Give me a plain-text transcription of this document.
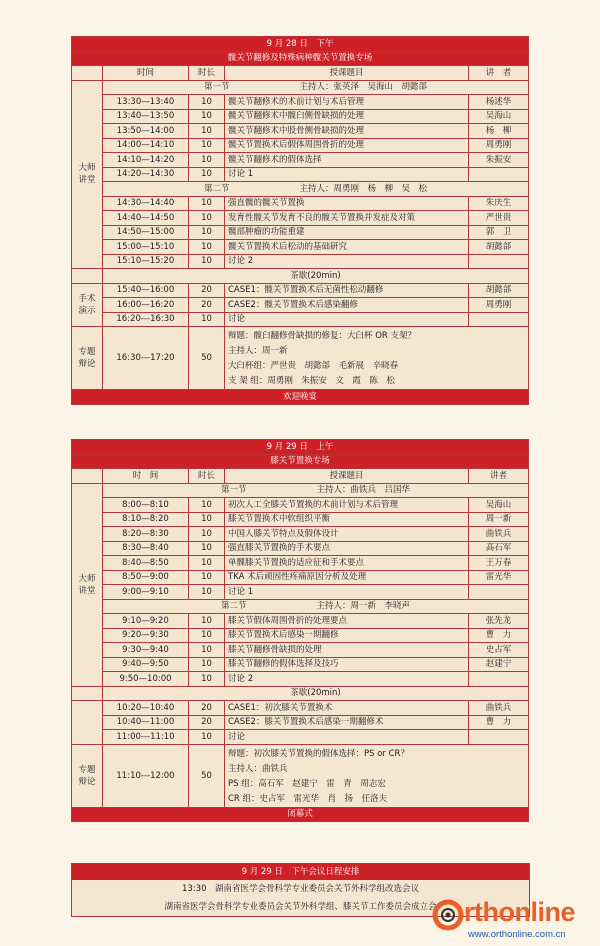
9 月 28 日　下午				
髋关节翻修及特殊病种髋关节置换专场				
	时间	时长	授课题目	讲　者
大师
讲堂	第一节 主持人：张英泽　吴海山　胡懿郃			
	13:30—13:40	10	髋关节翻修术的术前计划与术后管理	杨述华
	13:40—13:50	10	髋关节翻修术中髋臼侧骨缺损的处理	吴海山
	13:50—14:00	10	髋关节翻修术中股骨侧骨缺损的处理	杨　柳
	14:00—14:10	10	髋关节置换术后假体周围骨折的处理	周勇刚
	14:10—14:20	10	髋关节翻修术的假体选择	朱振安
	14:20—14:30	10	讨论 1	
	第二节 主持人：周勇刚　杨　柳　吴　松			
	14:30—14:40	10	强直髋的髋关节置换	朱庆生
	14:40—14:50	10	发育性髋关节发育不良的髋关节置换并发症及对策	严世贵
	14:50—15:00	10	髋部肿瘤的功能重建	郭　卫
	15:00—15:10	10	髋关节置换术后松动的基础研究	胡懿郃
	15:10—15:20	10	讨论 2	
	茶歇(20min)			
手术
演示	15:40—16:00	20	CASE1：髋关节置换术后无菌性松动翻修	胡懿郃
	16:00—16:20	20	CASE2：髋关节置换术后感染翻修	周勇刚
	16:20---16:30	10	讨论	
专题
辩论	16:30---17:20	50	辩题：髋臼翻修骨缺损的修复：大臼杯 OR 支架？
主持人：周一新
大臼杯组：严世贵　胡懿郃　毛新展　辛晓春
支 架 组：周勇刚　朱振安　文　霞　陈　松	

欢迎晚宴				
9 月 29 日　上午				
膝关节置换专场				
	时　间	时长	授课题目	讲者
大师
讲堂	第一节 主持人：曲铁兵　吕国华			
	8:00—8:10	10	初次人工全膝关节置换的术前计划与术后管理	吴海山
	8:10—8:20	10	膝关节置换术中软组织平衡	周一新
	8:20—8:30	10	中国人膝关节特点及假体设计	曲铁兵
	8:30—8:40	10	强直膝关节置换的手术要点	高石军
	8:40—8:50	10	单髁膝关节置换的适应征和手术要点	王万春
	8:50—9:00	10	TKA 术后顽固性疼痛原因分析及处理	雷光华
	9:00—9:10	10	讨论 1	
	第二节 主持人：周一新　李晓声			
	9:10—9:20	10	膝关节假体周围骨折的处理要点	张先龙
	9:20—9:30	10	膝关节置换术后感染一期翻修	曹　力
	9:30—9:40	10	膝关节翻修骨缺损的处理	史占军
	9:40—9:50	10	膝关节翻修的假体选择及技巧	赵建宁
	9:50—10:00	10	讨论 2	
	茶歇(20min)			
	10:20—10:40	20	CASE1：初次膝关节置换术	曲铁兵
	10:40—11:00	20	CASE2：膝关节置换术后感染一期翻修术	曹　力
	11:00---11:10	10	讨论	
专题
辩论	11:10---12:00	50	辩题：初次膝关节置换的假体选择：PS or CR？
主持人：曲铁兵
PS 组：高石军　赵建宁　雷　青　周志宏
CR 组：史占军　雷光华　肖　扬　任洛夫	

闭幕式				
9 月 29 日　下午会议日程安排
13:30　湖南省医学会骨科学专业委员会关节外科学组改选会议
湖南省医学会骨科学专业委员会关节外科学组、膝关节工作委员会成立会	rthonline
www.orthonline.com.cn
